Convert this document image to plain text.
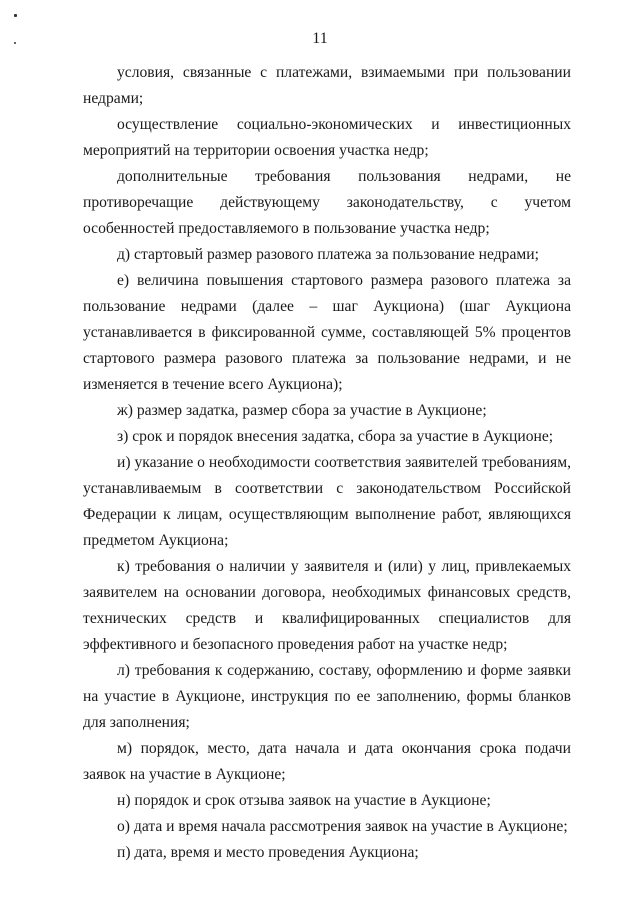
11

условия, связанные с платежами, взимаемыми при пользовании недрами;

осуществление социально-экономических и инвестиционных мероприятий на территории освоения участка недр;

дополнительные требования пользования недрами, не противоречащие действующему законодательству, с учетом особенностей предоставляемого в пользование участка недр;

д) стартовый размер разового платежа за пользование недрами;

е) величина повышения стартового размера разового платежа за пользование недрами (далее – шаг Аукциона) (шаг Аукциона устанавливается в фиксированной сумме, составляющей 5% процентов стартового размера разового платежа за пользование недрами, и не изменяется в течение всего Аукциона);

ж) размер задатка, размер сбора за участие в Аукционе;

з) срок и порядок внесения задатка, сбора за участие в Аукционе;

и) указание о необходимости соответствия заявителей требованиям, устанавливаемым в соответствии с законодательством Российской Федерации к лицам, осуществляющим выполнение работ, являющихся предметом Аукциона;

к) требования о наличии у заявителя и (или) у лиц, привлекаемых заявителем на основании договора, необходимых финансовых средств, технических средств и квалифицированных специалистов для эффективного и безопасного проведения работ на участке недр;

л) требования к содержанию, составу, оформлению и форме заявки на участие в Аукционе, инструкция по ее заполнению, формы бланков для заполнения;

м) порядок, место, дата начала и дата окончания срока подачи заявок на участие в Аукционе;

н) порядок и срок отзыва заявок на участие в Аукционе;

о) дата и время начала рассмотрения заявок на участие в Аукционе;

п) дата, время и место проведения Аукциона;
